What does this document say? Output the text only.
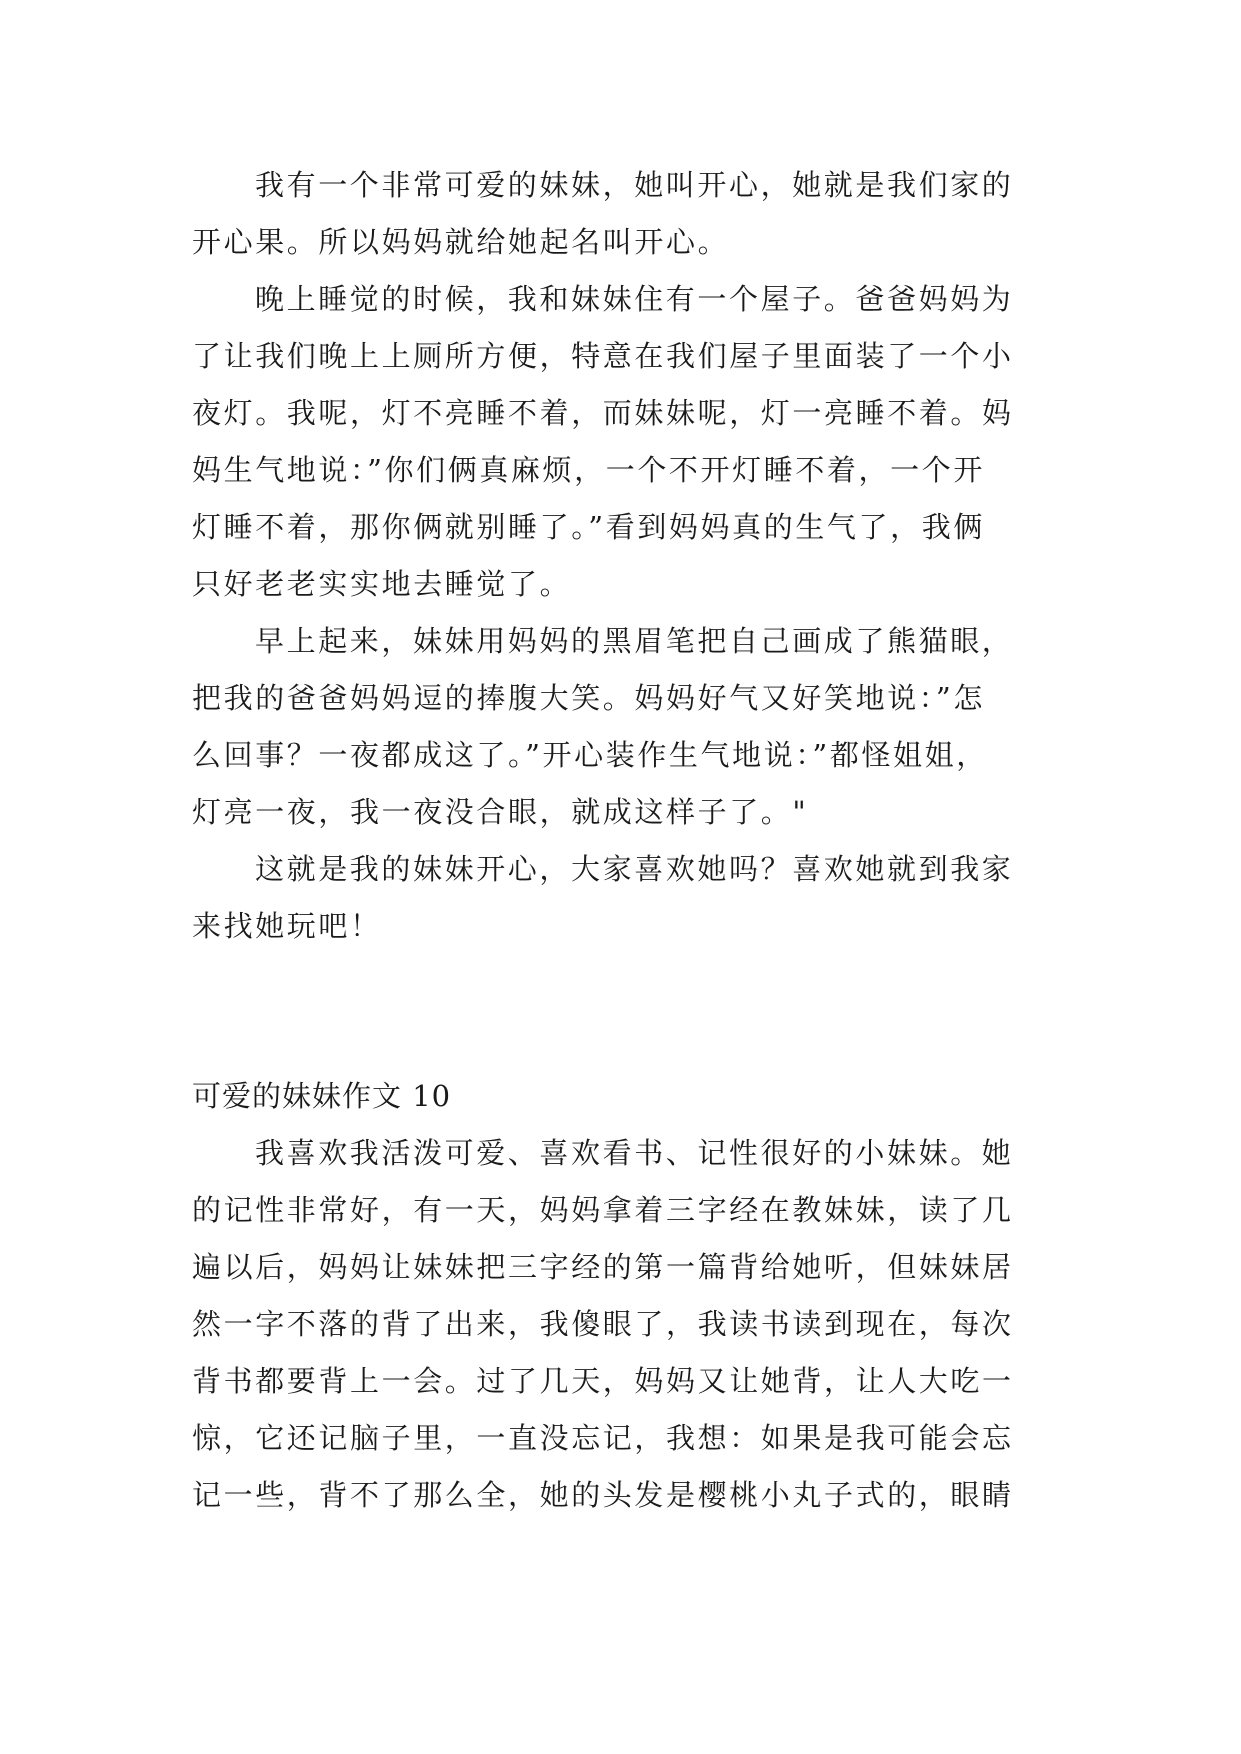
我有一个非常可爱的妹妹，她叫开心，她就是我们家的
开心果。所以妈妈就给她起名叫开心。
晚上睡觉的时候，我和妹妹住有一个屋子。爸爸妈妈为
了让我们晚上上厕所方便，特意在我们屋子里面装了一个小
夜灯。我呢，灯不亮睡不着，而妹妹呢，灯一亮睡不着。妈
妈生气地说：”你们俩真麻烦，一个不开灯睡不着，一个开
灯睡不着，那你俩就别睡了。”看到妈妈真的生气了，我俩
只好老老实实地去睡觉了。
早上起来，妹妹用妈妈的黑眉笔把自己画成了熊猫眼，
把我的爸爸妈妈逗的捧腹大笑。妈妈好气又好笑地说：”怎
么回事？一夜都成这了。”开心装作生气地说：”都怪姐姐，
灯亮一夜，我一夜没合眼，就成这样子了。"
这就是我的妹妹开心，大家喜欢她吗？喜欢她就到我家
来找她玩吧！
可爱的妹妹作文 10
我喜欢我活泼可爱、喜欢看书、记性很好的小妹妹。她
的记性非常好，有一天，妈妈拿着三字经在教妹妹，读了几
遍以后，妈妈让妹妹把三字经的第一篇背给她听，但妹妹居
然一字不落的背了出来，我傻眼了，我读书读到现在，每次
背书都要背上一会。过了几天，妈妈又让她背，让人大吃一
惊，它还记脑子里，一直没忘记，我想：如果是我可能会忘
记一些，背不了那么全，她的头发是樱桃小丸子式的，眼睛
